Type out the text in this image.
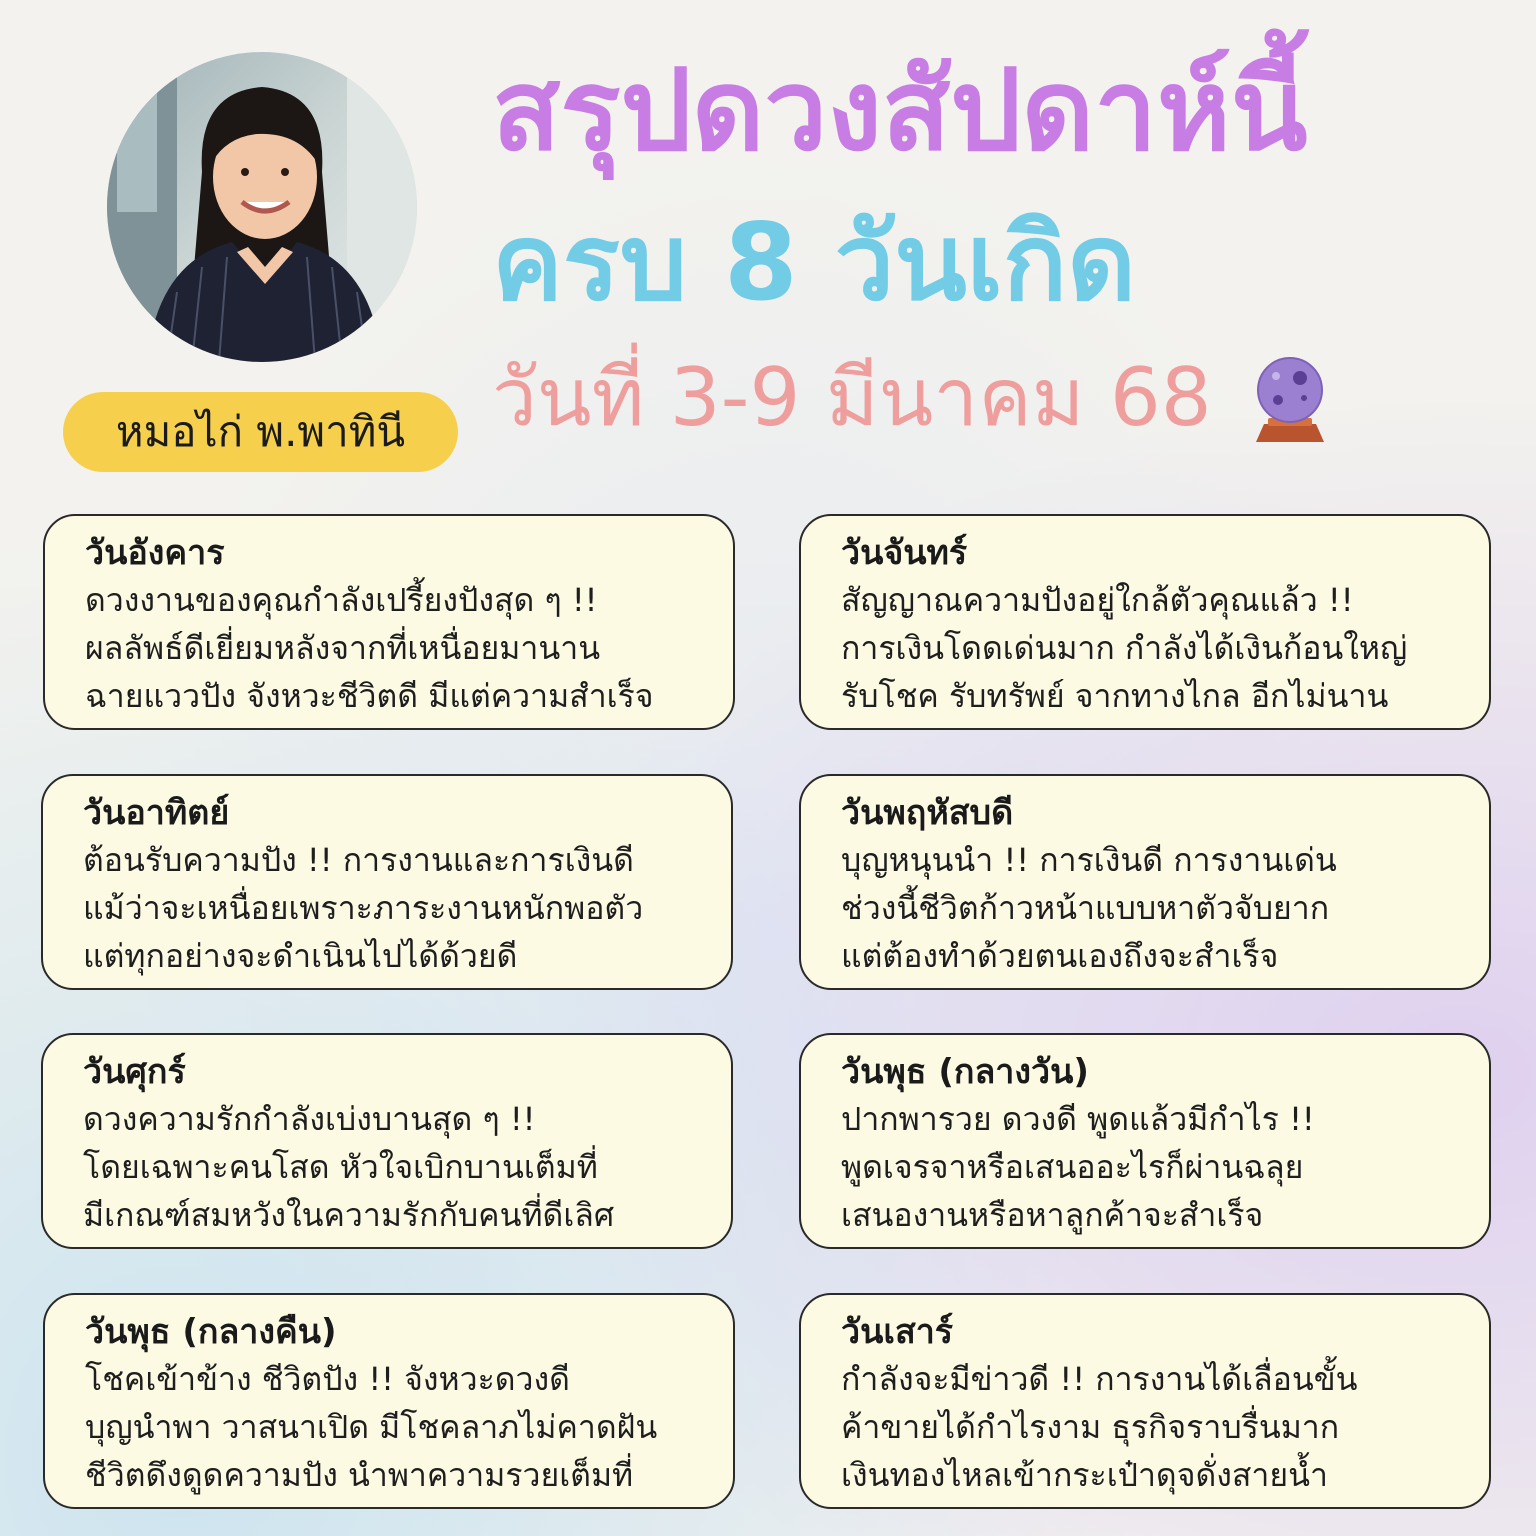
หมอไก่ พ.พาทินี
สรุปดวงสัปดาห์นี้
ครบ 8 วันเกิด
วันที่ 3-9 มีนาคม 68
วันอังคาร
ดวงงานของคุณกำลังเปรี้ยงปังสุด ๆ !!
ผลลัพธ์ดีเยี่ยมหลังจากที่เหนื่อยมานาน
ฉายแววปัง จังหวะชีวิตดี มีแต่ความสำเร็จ
วันจันทร์
สัญญาณความปังอยู่ใกล้ตัวคุณแล้ว !!
การเงินโดดเด่นมาก กำลังได้เงินก้อนใหญ่
รับโชค รับทรัพย์ จากทางไกล อีกไม่นาน
วันอาทิตย์
ต้อนรับความปัง !! การงานและการเงินดี
แม้ว่าจะเหนื่อยเพราะภาระงานหนักพอตัว
แต่ทุกอย่างจะดำเนินไปได้ด้วยดี
วันพฤหัสบดี
บุญหนุนนำ !! การเงินดี การงานเด่น
ช่วงนี้ชีวิตก้าวหน้าแบบหาตัวจับยาก
แต่ต้องทำด้วยตนเองถึงจะสำเร็จ
วันศุกร์
ดวงความรักกำลังเบ่งบานสุด ๆ !!
โดยเฉพาะคนโสด หัวใจเบิกบานเต็มที่
มีเกณฑ์สมหวังในความรักกับคนที่ดีเลิศ
วันพุธ (กลางวัน)
ปากพารวย ดวงดี พูดแล้วมีกำไร !!
พูดเจรจาหรือเสนออะไรก็ผ่านฉลุย
เสนองานหรือหาลูกค้าจะสำเร็จ
วันพุธ (กลางคืน)
โชคเข้าข้าง ชีวิตปัง !! จังหวะดวงดี
บุญนำพา วาสนาเปิด มีโชคลาภไม่คาดฝัน
ชีวิตดึงดูดความปัง นำพาความรวยเต็มที่
วันเสาร์
กำลังจะมีข่าวดี !! การงานได้เลื่อนขั้น
ค้าขายได้กำไรงาม ธุรกิจราบรื่นมาก
เงินทองไหลเข้ากระเป๋าดุจดั่งสายน้ำ
